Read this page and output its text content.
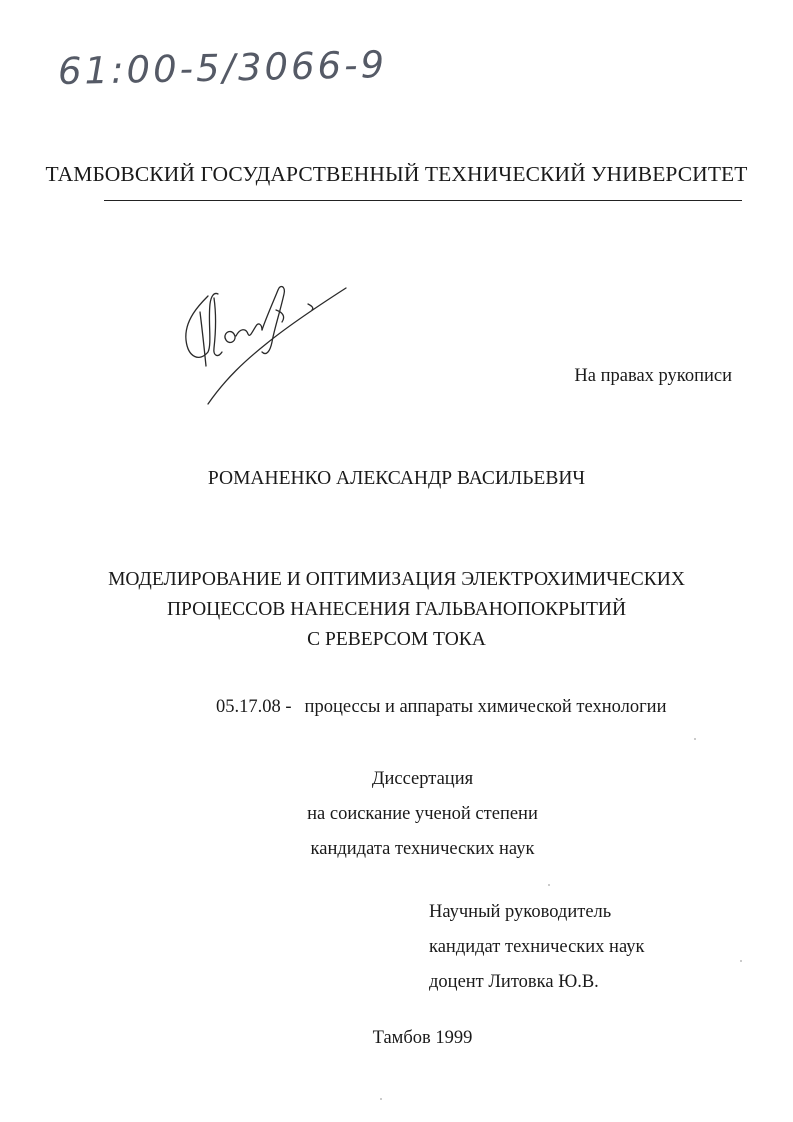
61:00-5/3066-9
ТАМБОВСКИЙ ГОСУДАРСТВЕННЫЙ ТЕХНИЧЕСКИЙ УНИВЕРСИТЕТ
На правах рукописи
РОМАНЕНКО АЛЕКСАНДР ВАСИЛЬЕВИЧ
МОДЕЛИРОВАНИЕ И ОПТИМИЗАЦИЯ ЭЛЕКТРОХИМИЧЕСКИХ
ПРОЦЕССОВ НАНЕСЕНИЯ ГАЛЬВАНОПОКРЫТИЙ
С РЕВЕРСОМ ТОКА
05.17.08 - процессы и аппараты химической технологии
Диссертация
на соискание ученой степени
кандидата технических наук
Научный руководитель
кандидат технических наук
доцент Литовка Ю.В.
Тамбов 1999
